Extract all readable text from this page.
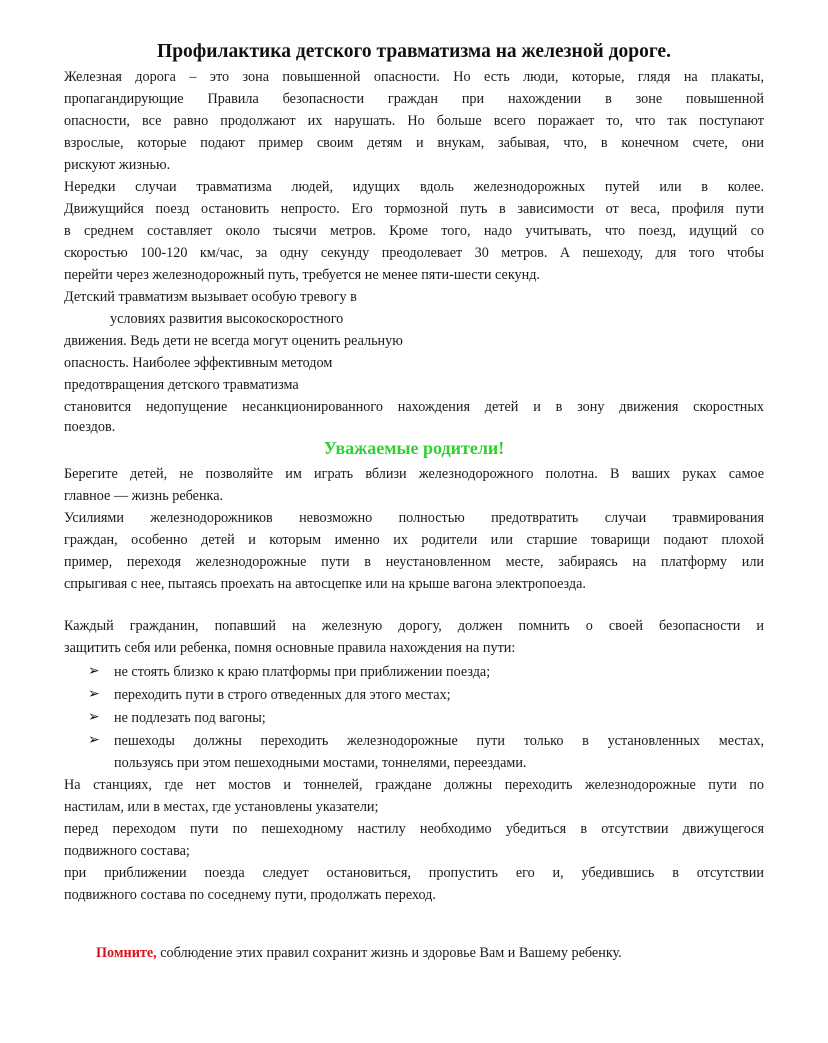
Профилактика детского травматизма на железной дороге.
Железная дорога – это зона повышенной опасности. Но есть люди, которые, глядя на плакаты,
пропагандирующие Правила безопасности граждан при нахождении в зоне повышенной
опасности, все равно продолжают их нарушать. Но больше всего поражает то, что так поступают
взрослые, которые подают пример своим детям и внукам, забывая, что, в конечном счете, они
рискуют жизнью.
Нередки случаи травматизма людей, идущих вдоль железнодорожных путей или в колее.
Движущийся поезд остановить непросто. Его тормозной путь в зависимости от веса, профиля пути
в среднем составляет около тысячи метров. Кроме того, надо учитывать, что поезд, идущий со
скоростью 100-120 км/час, за одну секунду преодолевает 30 метров. А пешеходу, для того чтобы
перейти через железнодорожный путь, требуется не менее пяти-шести секунд.
Детский травматизм вызывает особую тревогу в
условиях развития высокоскоростного
движения. Ведь дети не всегда могут оценить реальную
опасность. Наиболее эффективным методом
предотвращения детского травматизма
становится недопущение несанкционированного нахождения детей и в зону движения скоростных
поездов.
Уважаемые родители!
Берегите детей, не позволяйте им играть вблизи железнодорожного полотна. В ваших руках самое
главное — жизнь ребенка.
Усилиями железнодорожников невозможно полностью предотвратить случаи травмирования
граждан, особенно детей и которым именно их родители или старшие товарищи подают плохой
пример, переходя железнодорожные пути в неустановленном месте, забираясь на платформу или
спрыгивая с нее, пытаясь проехать на автосцепке или на крыше вагона электропоезда.
Каждый гражданин, попавший на железную дорогу, должен помнить о своей безопасности и
защитить себя или ребенка, помня основные правила нахождения на пути:
➢ не стоять близко к краю платформы при приближении поезда;
➢ переходить пути в строго отведенных для этого местах;
➢ не подлезать под вагоны;
➢ пешеходы должны переходить железнодорожные пути только в установленных местах,
пользуясь при этом пешеходными мостами, тоннелями, переездами.
На станциях, где нет мостов и тоннелей, граждане должны переходить железнодорожные пути по
настилам, или в местах, где установлены указатели;
перед переходом пути по пешеходному настилу необходимо убедиться в отсутствии движущегося
подвижного состава;
при приближении поезда следует остановиться, пропустить его и, убедившись в отсутствии
подвижного состава по соседнему пути, продолжать переход.
Помните, соблюдение этих правил сохранит жизнь и здоровье Вам и Вашему ребенку.
